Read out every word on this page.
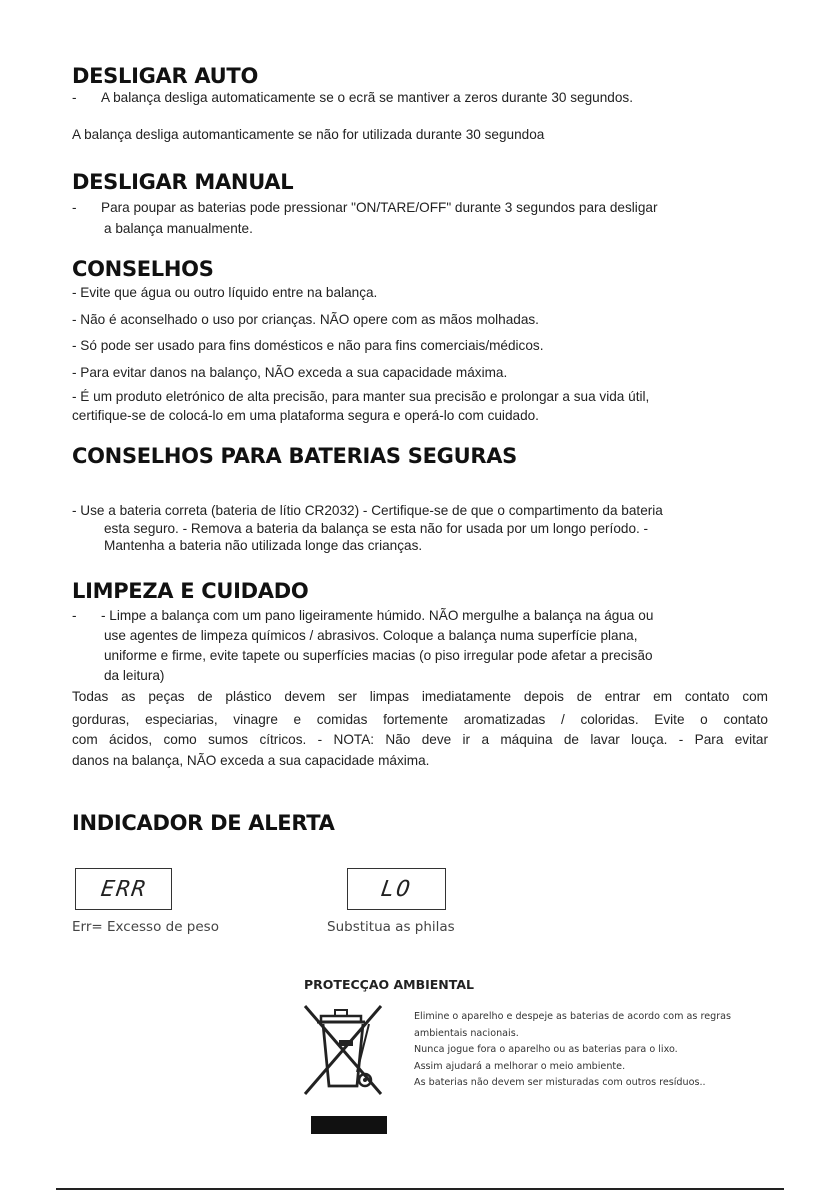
DESLIGAR AUTO
- A balança desliga automaticamente se o ecrã se mantiver a zeros durante 30 segundos.
A balança desliga automanticamente se não for utilizada durante 30 segundoa
DESLIGAR MANUAL
- Para poupar as baterias pode pressionar "ON/TARE/OFF" durante 3 segundos para desligar
a balança manualmente.
CONSELHOS
- Evite que água ou outro líquido entre na balança.
- Não é aconselhado o uso por crianças. NÃO opere com as mãos molhadas.
- Só pode ser usado para fins domésticos e não para fins comerciais/médicos.
- Para evitar danos na balanço, NÃO exceda a sua capacidade máxima.
- É um produto eletrónico de alta precisão, para manter sua precisão e prolongar a sua vida útil,
certifique-se de colocá-lo em uma plataforma segura e operá-lo com cuidado.
CONSELHOS PARA BATERIAS SEGURAS
- Use a bateria correta (bateria de lítio CR2032) - Certifique-se de que o compartimento da bateria
esta seguro. - Remova a bateria da balança se esta não for usada por um longo período. -
Mantenha a bateria não utilizada longe das crianças.
LIMPEZA E CUIDADO
- - Limpe a balança com um pano ligeiramente húmido. NÃO mergulhe a balança na água ou
use agentes de limpeza químicos / abrasivos. Coloque a balança numa superfície plana,
uniforme e firme, evite tapete ou superfícies macias (o piso irregular pode afetar a precisão
da leitura)
Todas as peças de plástico devem ser limpas imediatamente depois de entrar em contato com
gorduras, especiarias, vinagre e comidas fortemente aromatizadas / coloridas. Evite o contato
com ácidos, como sumos cítricos. - NOTA: Não deve ir a máquina de lavar louça. - Para evitar
danos na balança, NÃO exceda a sua capacidade máxima.
INDICADOR DE ALERTA
ERR
Err= Excesso de peso
LO
Substitua as philas
PROTECÇAO AMBIENTAL
Elimine o aparelho e despeje as baterias de acordo com as regras
ambientais nacionais.
Nunca jogue fora o aparelho ou as baterias para o lixo.
Assim ajudará a melhorar o meio ambiente.
As baterias não devem ser misturadas com outros resíduos..
